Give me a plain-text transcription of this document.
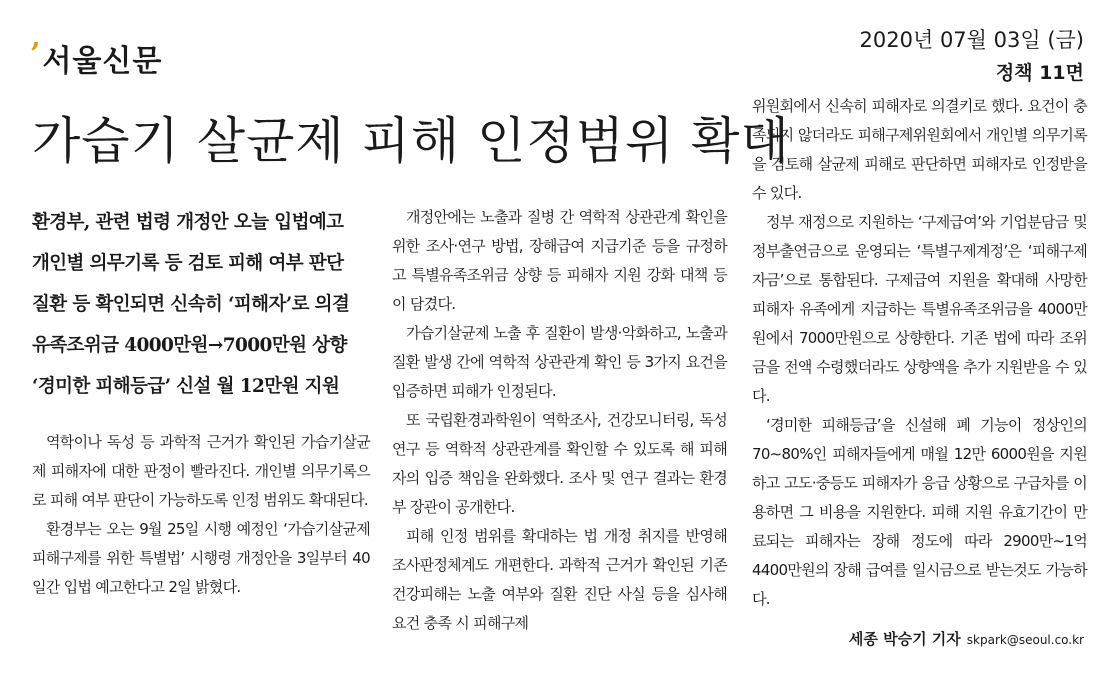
’ 서울신문
2020년 07월 03일 (금)
정책 11면
가습기 살균제 피해 인정범위 확대
환경부, 관련 법령 개정안 오늘 입법예고
개인별 의무기록 등 검토 피해 여부 판단
질환 등 확인되면 신속히 ‘피해자’로 의결
유족조위금 4000만원→7000만원 상향
‘경미한 피해등급’ 신설 월 12만원 지원

역학이나 독성 등 과학적 근거가 확인된 가습기살균제 피해자에 대한 판정이 빨라진다. 개인별 의무기록으로 피해 여부 판단이 가능하도록 인정 범위도 확대된다.

환경부는 오는 9월 25일 시행 예정인 ‘가습기살균제 피해구제를 위한 특별법’ 시행령 개정안을 3일부터 40일간 입법 예고한다고 2일 밝혔다.

개정안에는 노출과 질병 간 역학적 상관관계 확인을 위한 조사·연구 방법, 장해급여 지급기준 등을 규정하고 특별유족조위금 상향 등 피해자 지원 강화 대책 등이 담겼다.

가습기살균제 노출 후 질환이 발생·악화하고, 노출과 질환 발생 간에 역학적 상관관계 확인 등 3가지 요건을 입증하면 피해가 인정된다.

또 국립환경과학원이 역학조사, 건강모니터링, 독성연구 등 역학적 상관관계를 확인할 수 있도록 해 피해자의 입증 책임을 완화했다. 조사 및 연구 결과는 환경부 장관이 공개한다.

피해 인정 범위를 확대하는 법 개정 취지를 반영해 조사판정체계도 개편한다. 과학적 근거가 확인된 기존 건강피해는 노출 여부와 질환 진단 사실 등을 심사해 요건 충족 시 피해구제

위원회에서 신속히 피해자로 의결키로 했다. 요건이 충족되지 않더라도 피해구제위원회에서 개인별 의무기록을 검토해 살균제 피해로 판단하면 피해자로 인정받을 수 있다.

정부 재정으로 지원하는 ‘구제급여’와 기업분담금 및 정부출연금으로 운영되는 ‘특별구제계정’은 ‘피해구제자금’으로 통합된다. 구제급여 지원을 확대해 사망한 피해자 유족에게 지급하는 특별유족조위금을 4000만원에서 7000만원으로 상향한다. 기존 법에 따라 조위금을 전액 수령했더라도 상향액을 추가 지원받을 수 있다.

‘경미한 피해등급’을 신설해 폐 기능이 정상인의 70∼80%인 피해자들에게 매월 12만 6000원을 지원하고 고도·중등도 피해자가 응급 상황으로 구급차를 이용하면 그 비용을 지원한다. 피해 지원 유효기간이 만료되는 피해자는 장해 정도에 따라 2900만∼1억 4400만원의 장해 급여를 일시금으로 받는것도 가능하다.

세종 박승기 기자 skpark@seoul.co.kr
